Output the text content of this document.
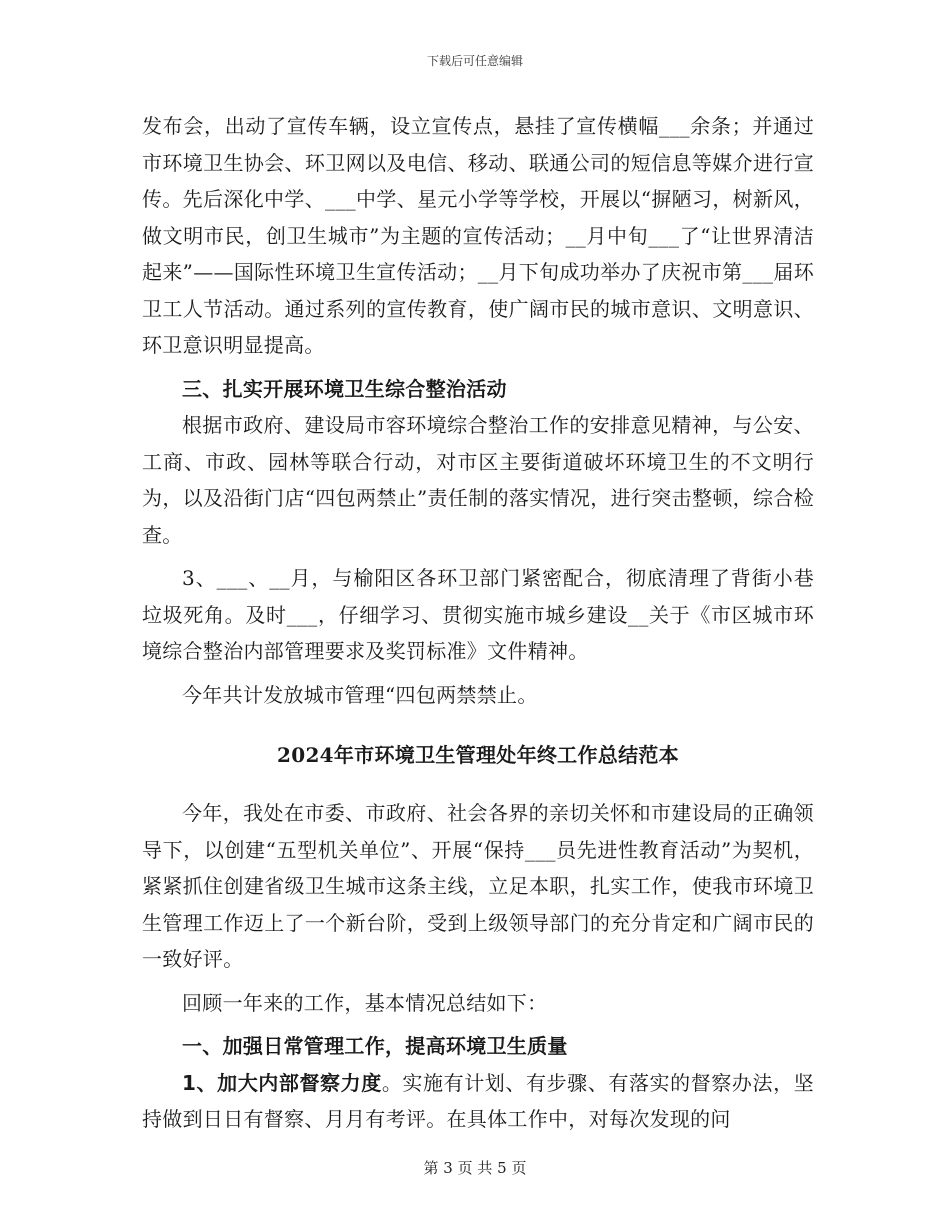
下载后可任意编辑

发布会，出动了宣传车辆，设立宣传点，悬挂了宣传横幅___余条；并通过市环境卫生协会、环卫网以及电信、移动、联通公司的短信息等媒介进行宣传。先后深化中学、___中学、星元小学等学校，开展以“摒陋习，树新风，做文明市民，创卫生城市”为主题的宣传活动；__月中旬___了“让世界清洁起来”——国际性环境卫生宣传活动；__月下旬成功举办了庆祝市第___届环卫工人节活动。通过系列的宣传教育，使广阔市民的城市意识、文明意识、环卫意识明显提高。

三、扎实开展环境卫生综合整治活动

根据市政府、建设局市容环境综合整治工作的安排意见精神，与公安、工商、市政、园林等联合行动，对市区主要街道破坏环境卫生的不文明行为，以及沿街门店“四包两禁止”责任制的落实情况，进行突击整顿，综合检查。

3、___、__月，与榆阳区各环卫部门紧密配合，彻底清理了背街小巷垃圾死角。及时___，仔细学习、贯彻实施市城乡建设__关于《市区城市环境综合整治内部管理要求及奖罚标准》文件精神。

今年共计发放城市管理“四包两禁禁止。

2024年市环境卫生管理处年终工作总结范本

今年，我处在市委、市政府、社会各界的亲切关怀和市建设局的正确领导下，以创建“五型机关单位”、开展“保持___员先进性教育活动”为契机，紧紧抓住创建省级卫生城市这条主线，立足本职，扎实工作，使我市环境卫生管理工作迈上了一个新台阶，受到上级领导部门的充分肯定和广阔市民的一致好评。

回顾一年来的工作，基本情况总结如下：

一、加强日常管理工作，提高环境卫生质量

1、加大内部督察力度。实施有计划、有步骤、有落实的督察办法，坚持做到日日有督察、月月有考评。在具体工作中，对每次发现的问

第 3 页 共 5 页
